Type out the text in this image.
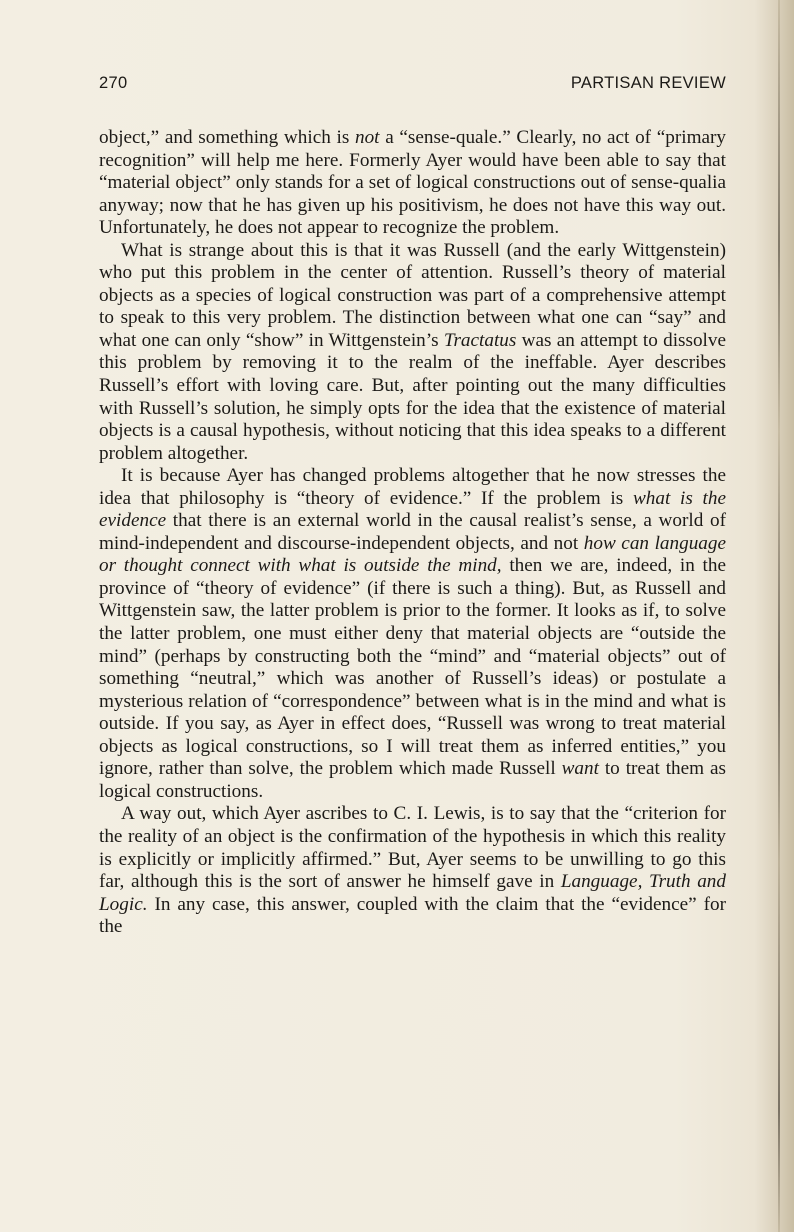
270	PARTISAN REVIEW

object,” and something which is not a “sense-quale.” Clearly, no act of “primary recognition” will help me here. Formerly Ayer would have been able to say that “material object” only stands for a set of logical constructions out of sense-qualia anyway; now that he has given up his positivism, he does not have this way out. Unfortunately, he does not appear to recognize the problem.

What is strange about this is that it was Russell (and the early Wittgenstein) who put this problem in the center of attention. Russell’s theory of material objects as a species of logical construction was part of a comprehensive attempt to speak to this very problem. The distinction between what one can “say” and what one can only “show” in Wittgenstein’s Tractatus was an attempt to dissolve this problem by removing it to the realm of the ineffable. Ayer describes Russell’s effort with loving care. But, after pointing out the many difficulties with Russell’s solution, he simply opts for the idea that the existence of material objects is a causal hypothesis, without noticing that this idea speaks to a different problem altogether.

It is because Ayer has changed problems altogether that he now stresses the idea that philosophy is “theory of evidence.” If the problem is what is the evidence that there is an external world in the causal realist’s sense, a world of mind-independent and discourse-independent objects, and not how can language or thought connect with what is outside the mind, then we are, indeed, in the province of “theory of evidence” (if there is such a thing). But, as Russell and Wittgenstein saw, the latter problem is prior to the former. It looks as if, to solve the latter problem, one must either deny that material objects are “outside the mind” (perhaps by constructing both the “mind” and “material objects” out of something “neutral,” which was another of Russell’s ideas) or postulate a mysterious relation of “correspondence” between what is in the mind and what is outside. If you say, as Ayer in effect does, “Russell was wrong to treat material objects as logical constructions, so I will treat them as inferred entities,” you ignore, rather than solve, the problem which made Russell want to treat them as logical constructions.

A way out, which Ayer ascribes to C. I. Lewis, is to say that the “criterion for the reality of an object is the confirmation of the hypothesis in which this reality is explicitly or implicitly affirmed.” But, Ayer seems to be unwilling to go this far, although this is the sort of answer he himself gave in Language, Truth and Logic. In any case, this answer, coupled with the claim that the “evidence” for the
